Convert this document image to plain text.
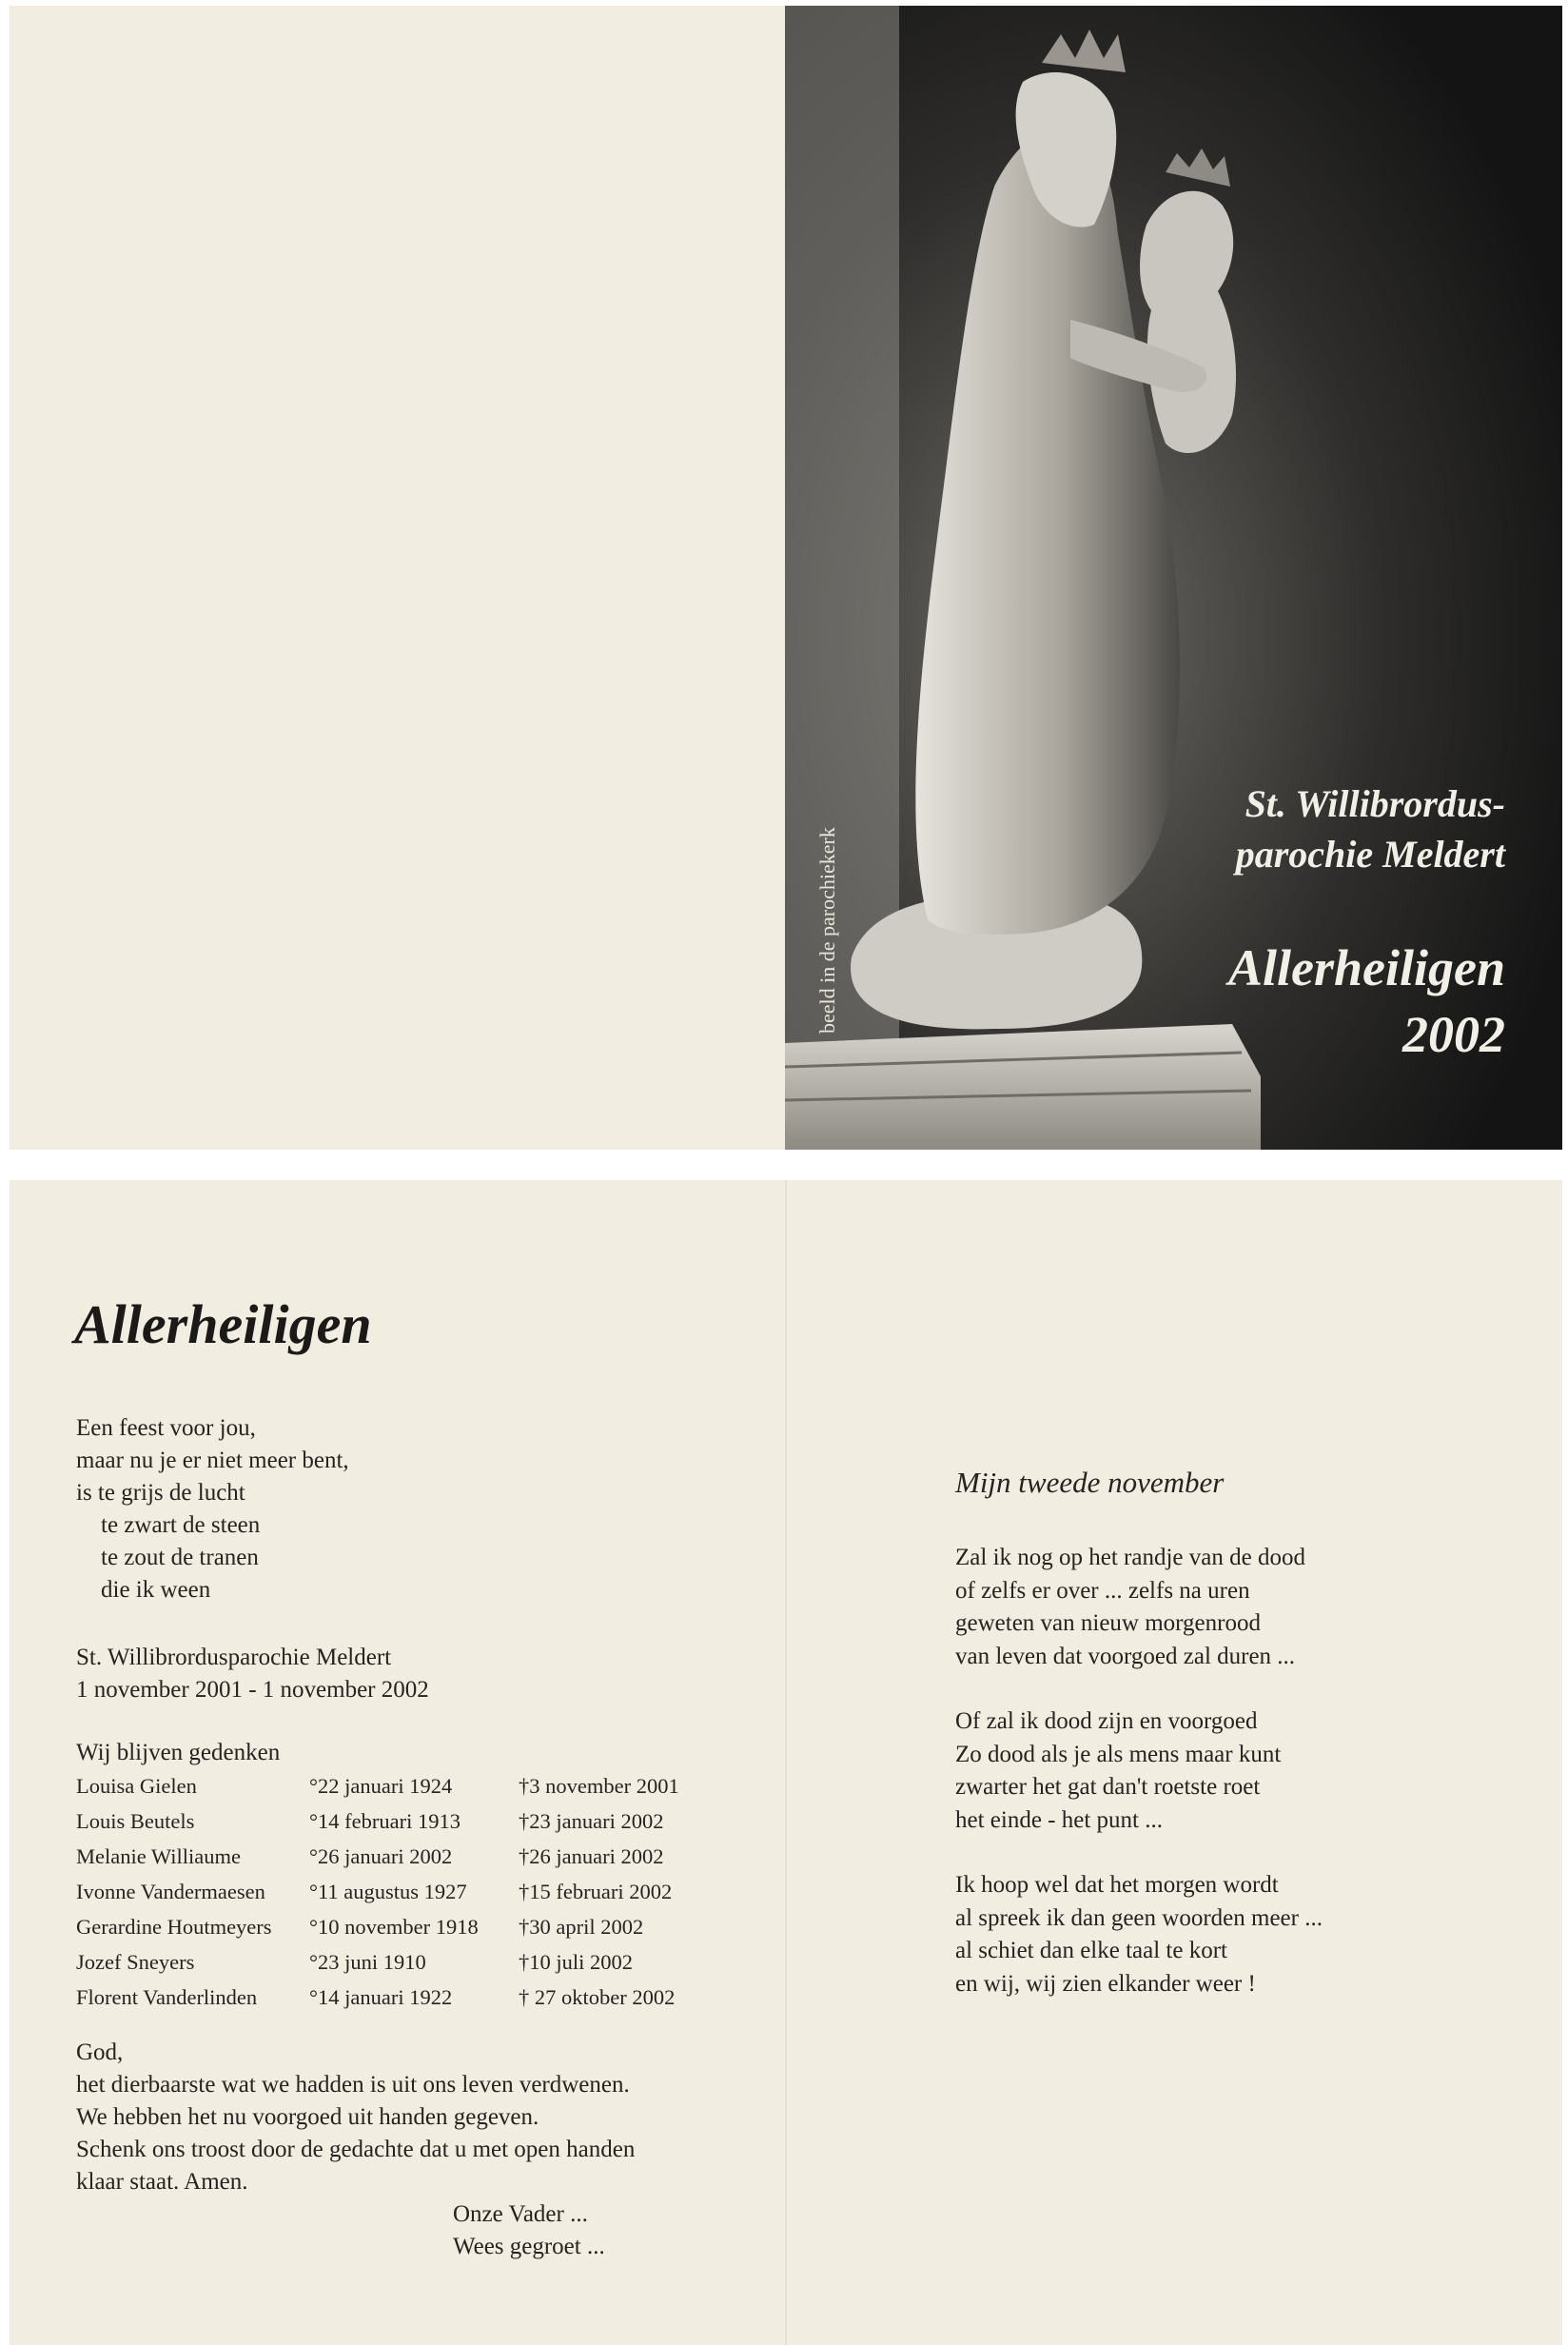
beeld in de parochiekerk
St. Willibrordus-
parochie Meldert
Allerheiligen
2002
Allerheiligen
Een feest voor jou,
maar nu je er niet meer bent,
is te grijs de lucht
te zwart de steen
te zout de tranen
die ik ween
St. Willibrordusparochie Meldert
1 november 2001 - 1 november 2002
Wij blijven gedenken
Louisa Gielen	°22 januari 1924	†3 november 2001
Louis Beutels	°14 februari 1913	†23 januari 2002
Melanie Williaume	°26 januari 2002	†26 januari 2002
Ivonne Vandermaesen °11 augustus 1927 †15 februari 2002
Gerardine Houtmeyers °10 november 1918 †30 april 2002
Jozef Sneyers	°23 juni 1910	†10 juli 2002
Florent Vanderlinden °14 januari 1922	† 27 oktober 2002
God,
het dierbaarste wat we hadden is uit ons leven verdwenen.
We hebben het nu voorgoed uit handen gegeven.
Schenk ons troost door de gedachte dat u met open handen
klaar staat. Amen.
Onze Vader ...
Wees gegroet ...
Mijn tweede november
Zal ik nog op het randje van de dood
of zelfs er over ... zelfs na uren
geweten van nieuw morgenrood
van leven dat voorgoed zal duren ...
Of zal ik dood zijn en voorgoed
Zo dood als je als mens maar kunt
zwarter het gat dan't roetste roet
het einde - het punt ...
Ik hoop wel dat het morgen wordt
al spreek ik dan geen woorden meer ...
al schiet dan elke taal te kort
en wij, wij zien elkander weer !
